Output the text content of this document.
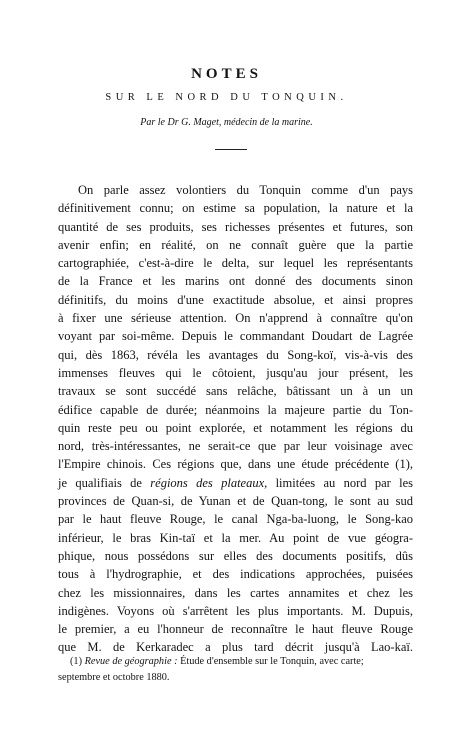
NOTES
SUR LE NORD DU TONQUIN.
Par le Dr G. Maget, médecin de la marine.
On parle assez volontiers du Tonquin comme d'un pays
définitivement connu; on estime sa population, la nature et la
quantité de ses produits, ses richesses présentes et futures, son
avenir enfin; en réalité, on ne connaît guère que la partie
cartographiée, c'est-à-dire le delta, sur lequel les représentants
de la France et les marins ont donné des documents sinon
définitifs, du moins d'une exactitude absolue, et ainsi propres
à fixer une sérieuse attention. On n'apprend à connaître qu'on
voyant par soi-même. Depuis le commandant Doudart de Lagrée
qui, dès 1863, révéla les avantages du Song-koï, vis-à-vis des
immenses fleuves qui le côtoient, jusqu'au jour présent, les
travaux se sont succédé sans relâche, bâtissant un à un un
édifice capable de durée; néanmoins la majeure partie du Ton-
quin reste peu ou point explorée, et notamment les régions du
nord, très-intéressantes, ne serait-ce que par leur voisinage avec
l'Empire chinois. Ces régions que, dans une étude précédente (1),
je qualifiais de régions des plateaux, limitées au nord par les
provinces de Quan-si, de Yunan et de Quan-tong, le sont au sud
par le haut fleuve Rouge, le canal Nga-ba-luong, le Song-kao
inférieur, le bras Kin-taï et la mer. Au point de vue géogra-
phique, nous possédons sur elles des documents positifs, dûs
tous à l'hydrographie, et des indications approchées, puisées
chez les missionnaires, dans les cartes annamites et chez les
indigènes. Voyons où s'arrêtent les plus importants. M. Dupuis,
le premier, a eu l'honneur de reconnaître le haut fleuve Rouge
que M. de Kerkaradec a plus tard décrit jusqu'à Lao-kaï.
(1) Revue de géographie : Étude d'ensemble sur le Tonquin, avec carte;
septembre et octobre 1880.
